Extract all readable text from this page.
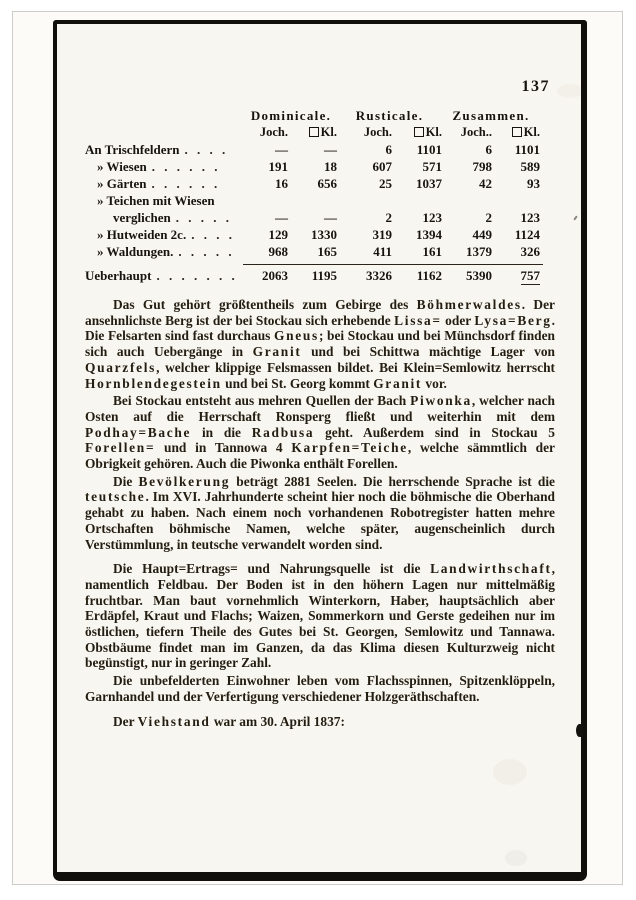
137
Dominicale.	Rusticale.	Zusammen.
Joch.	Kl.	Joch.	Kl.	Joch..	Kl.
An Trischfeldern . . . .	—	—	6	1101	6	1101
» Wiesen . . . . . .	191	18	607	571	798	589
» Gärten . . . . . .	16	656	25	1037	42	93
» Teichen mit Wiesen
verglichen . . . . .	—	—	2	123	2	123
» Hutweiden 2c. . . . .	129	1330	319	1394	449	1124
» Waldungen. . . . . .	968	165	411	161	1379	326
Ueberhaupt . . . . . . .	2063	1195	3326	1162	5390	757

Das Gut gehört größtentheils zum Gebirge des Böhmerwaldes. Der ansehnlichste Berg ist der bei Stockau sich erhebende Lissa= oder Lysa=Berg. Die Felsarten sind fast durchaus Gneus; bei Stockau und bei Münchsdorf finden sich auch Uebergänge in Granit und bei Schittwa mächtige Lager von Quarzfels, welcher klippige Felsmassen bildet. Bei Klein=Semlowitz herrscht Hornblendegestein und bei St. Georg kommt Granit vor.

Bei Stockau entsteht aus mehren Quellen der Bach Piwonka, welcher nach Osten auf die Herrschaft Ronsperg fließt und weiterhin mit dem Podhay=Bache in die Radbusa geht. Außerdem sind in Stockau 5 Forellen= und in Tannowa 4 Karpfen=Teiche, welche sämmtlich der Obrigkeit gehören. Auch die Piwonka enthält Forellen.

Die Bevölkerung beträgt 2881 Seelen. Die herrschende Sprache ist die teutsche. Im XVI. Jahrhunderte scheint hier noch die böhmische die Oberhand gehabt zu haben. Nach einem noch vorhandenen Robotregister hatten mehre Ortschaften böhmische Namen, welche später, augenscheinlich durch Verstümmlung, in teutsche verwandelt worden sind.

Die Haupt=Ertrags= und Nahrungsquelle ist die Landwirthschaft, namentlich Feldbau. Der Boden ist in den höhern Lagen nur mittelmäßig fruchtbar. Man baut vornehmlich Winterkorn, Haber, hauptsächlich aber Erdäpfel, Kraut und Flachs; Waizen, Sommerkorn und Gerste gedeihen nur im östlichen, tiefern Theile des Gutes bei St. Georgen, Semlowitz und Tannawa. Obstbäume findet man im Ganzen, da das Klima diesen Kulturzweig nicht begünstigt, nur in geringer Zahl.

Die unbefelderten Einwohner leben vom Flachsspinnen, Spitzenklöppeln, Garnhandel und der Verfertigung verschiedener Holzgeräthschaften.

Der Viehstand war am 30. April 1837:
